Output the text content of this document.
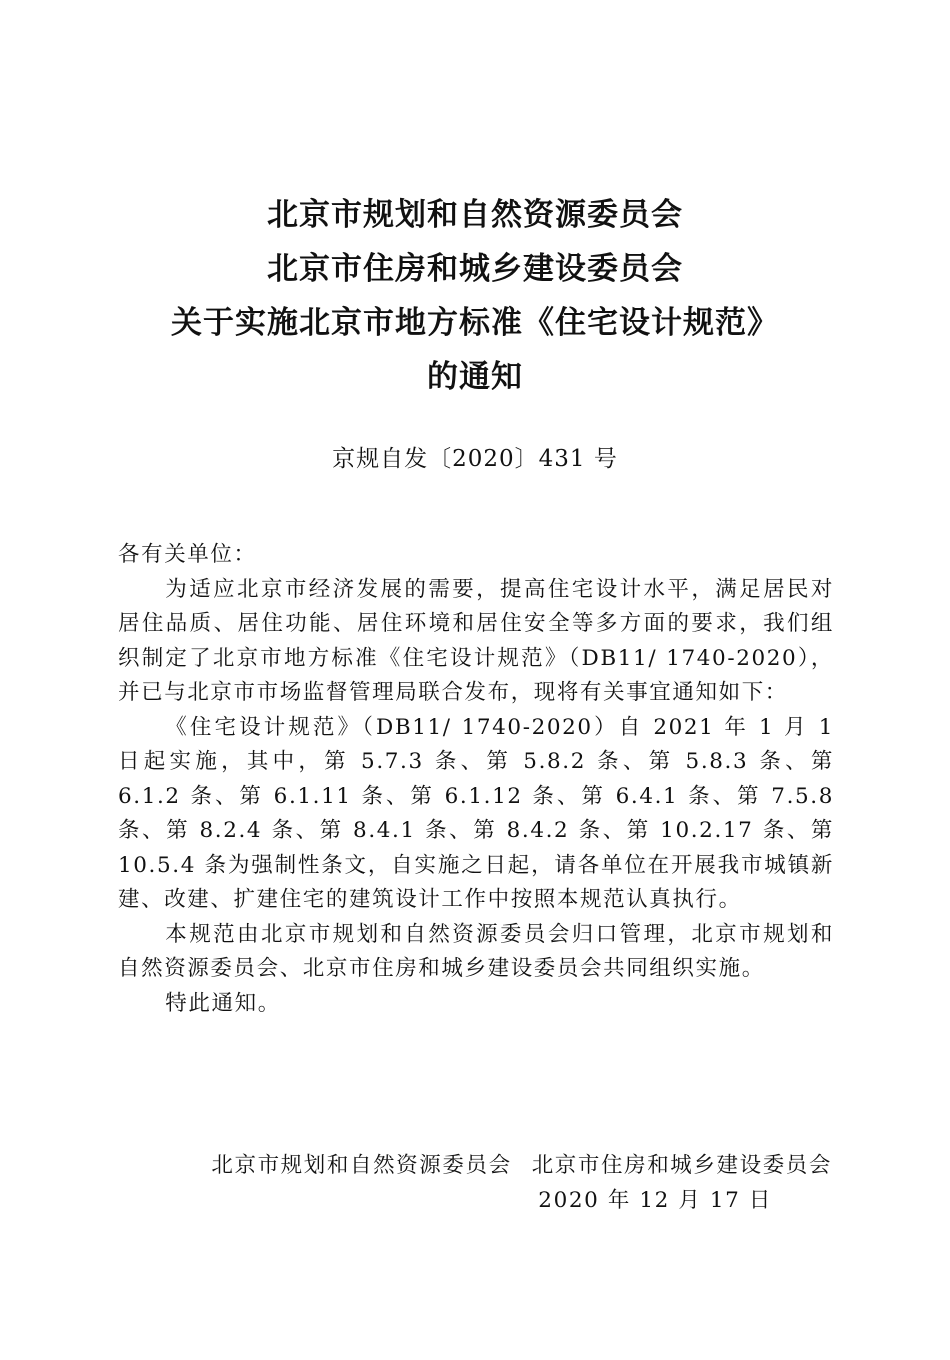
北京市规划和自然资源委员会
北京市住房和城乡建设委员会
关于实施北京市地方标准《住宅设计规范》
的通知
京规自发〔2020〕431 号

各有关单位：

为适应北京市经济发展的需要，提高住宅设计水平，满足居民对居住品质、居住功能、居住环境和居住安全等多方面的要求，我们组织制定了北京市地方标准《住宅设计规范》（DB11/ 1740-2020），并已与北京市市场监督管理局联合发布，现将有关事宜通知如下：

《住宅设计规范》（DB11/ 1740-2020）自 2021 年 1 月 1 日起实施，其中，第 5.7.3 条、第 5.8.2 条、第 5.8.3 条、第 6.1.2 条、第 6.1.11 条、第 6.1.12 条、第 6.4.1 条、第 7.5.8 条、第 8.2.4 条、第 8.4.1 条、第 8.4.2 条、第 10.2.17 条、第 10.5.4 条为强制性条文，自实施之日起，请各单位在开展我市城镇新建、改建、扩建住宅的建筑设计工作中按照本规范认真执行。

本规范由北京市规划和自然资源委员会归口管理，北京市规划和自然资源委员会、北京市住房和城乡建设委员会共同组织实施。

特此通知。

北京市规划和自然资源委员会 北京市住房和城乡建设委员会
2020 年 12 月 17 日
